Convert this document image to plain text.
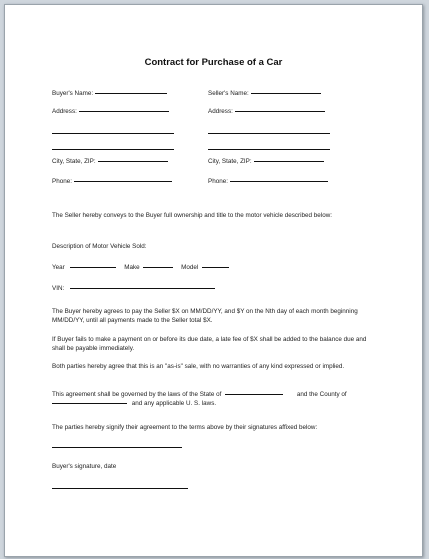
Contract for Purchase of a Car
Buyer's Name:
Address:
City, State, ZIP:
Phone:
Seller's Name:
Address:
City, State, ZIP:
Phone:
The Seller hereby conveys to the Buyer full ownership and title to the motor vehicle described below:
Description of Motor Vehicle Sold:
Year	Make	Model
VIN:
The Buyer hereby agrees to pay the Seller $X on MM/DD/YY, and $Y on the Nth day of each month beginning MM/DD/YY, until all payments made to the Seller total $X.
If Buyer fails to make a payment on or before its due date, a late fee of $X shall be added to the balance due and shall be payable immediately.
Both parties hereby agree that this is an "as-is" sale, with no warranties of any kind expressed or implied.
This agreement shall be governed by the laws of the State of	and the County of
and any applicable U. S. laws.
The parties hereby signify their agreement to the terms above by their signatures affixed below:
Buyer's signature, date
